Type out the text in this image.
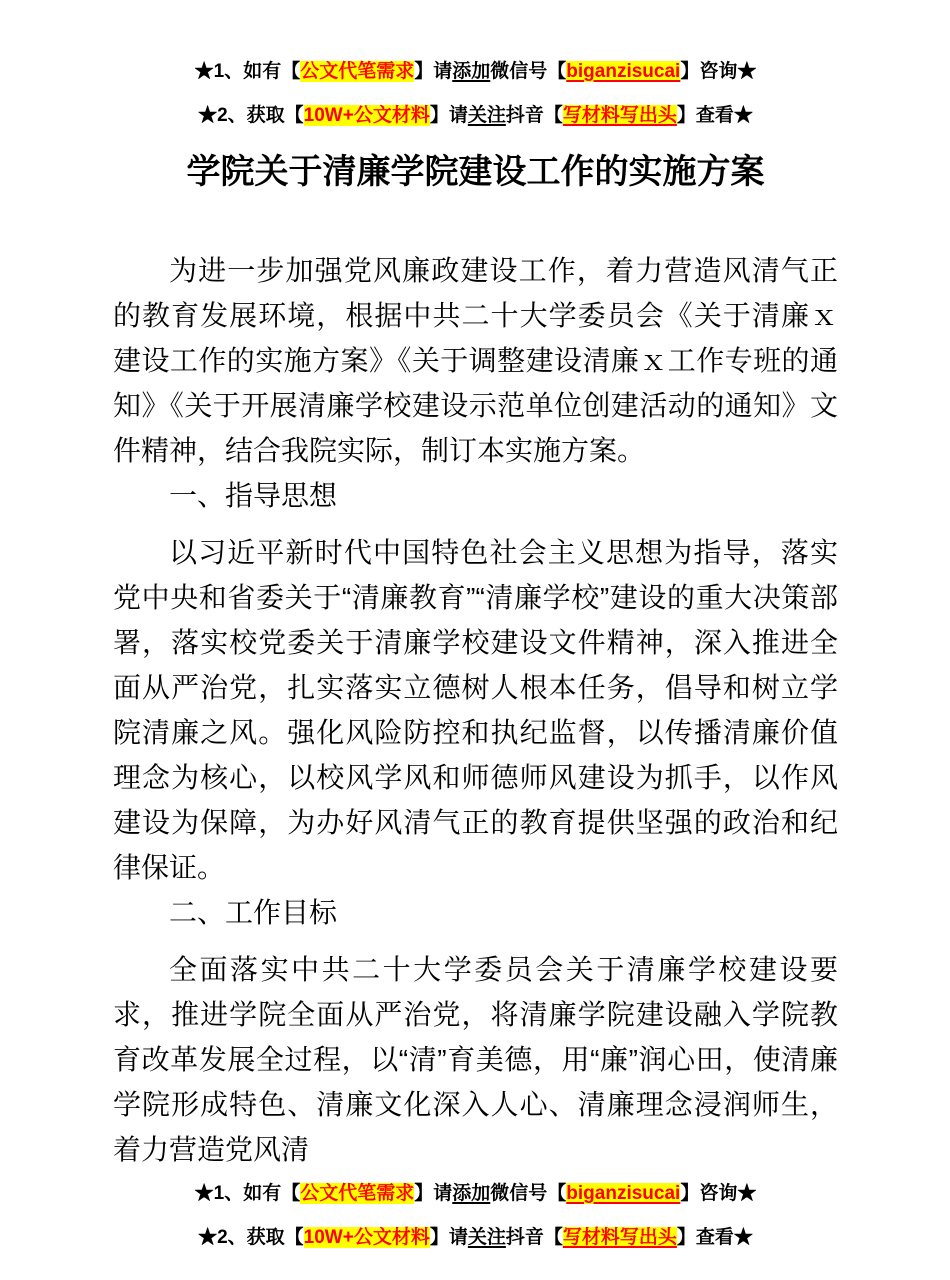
★1、如有【公文代笔需求】请添加微信号【biganzisucai】咨询★
★2、获取【10W+公文材料】请关注抖音【写材料写出头】查看★
学院关于清廉学院建设工作的实施方案

为进一步加强党风廉政建设工作，着力营造风清气正的教育发展环境，根据中共二十大学委员会《关于清廉ｘ建设工作的实施方案》《关于调整建设清廉ｘ工作专班的通知》《关于开展清廉学校建设示范单位创建活动的通知》文件精神，结合我院实际，制订本实施方案。

一、指导思想

以习近平新时代中国特色社会主义思想为指导，落实党中央和省委关于“清廉教育”“清廉学校”建设的重大决策部署，落实校党委关于清廉学校建设文件精神，深入推进全面从严治党，扎实落实立德树人根本任务，倡导和树立学院清廉之风。强化风险防控和执纪监督，以传播清廉价值理念为核心，以校风学风和师德师风建设为抓手，以作风建设为保障，为办好风清气正的教育提供坚强的政治和纪律保证。

二、工作目标

全面落实中共二十大学委员会关于清廉学校建设要求，推进学院全面从严治党，将清廉学院建设融入学院教育改革发展全过程，以“清”育美德，用“廉”润心田，使清廉学院形成特色、清廉文化深入人心、清廉理念浸润师生，着力营造党风清

★1、如有【公文代笔需求】请添加微信号【biganzisucai】咨询★
★2、获取【10W+公文材料】请关注抖音【写材料写出头】查看★
